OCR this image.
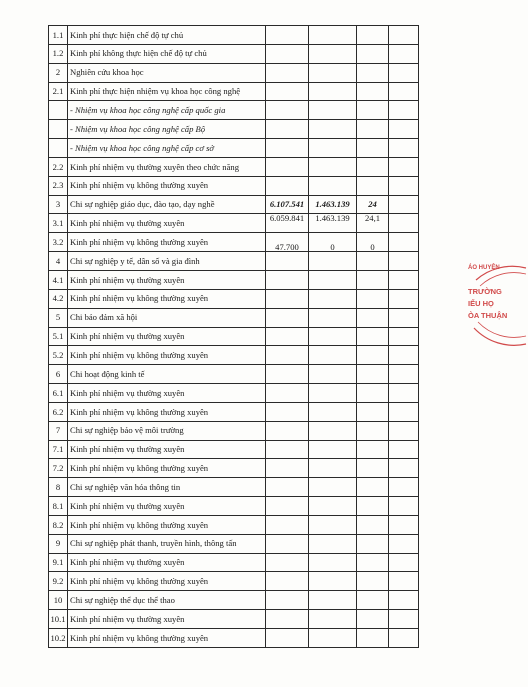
1.1	Kinh phí thực hiện chế độ tự chủ				
1.2	Kinh phí không thực hiện chế độ tự chủ				
2	Nghiên cứu khoa học				
2.1	Kinh phí thực hiện nhiệm vụ khoa học công nghệ				
	- Nhiệm vụ khoa học công nghệ cấp quốc gia				
	- Nhiệm vụ khoa học công nghệ cấp Bộ				
	- Nhiệm vụ khoa học công nghệ cấp cơ sở				
2.2	Kinh phí nhiệm vụ thường xuyên theo chức năng				
2.3	Kinh phí nhiệm vụ không thường xuyên				
3	Chi sự nghiệp giáo dục, đào tạo, dạy nghề	6.107.541	1.463.139	24	
3.1	Kinh phí nhiệm vụ thường xuyên	6.059.841	1.463.139	24,1	
3.2	Kinh phí nhiệm vụ không thường xuyên	47.700	0	0	
4	Chi sự nghiệp y tế, dân số và gia đình				
4.1	Kinh phí nhiệm vụ thường xuyên				
4.2	Kinh phí nhiệm vụ không thường xuyên				
5	Chi bảo đảm xã hội				
5.1	Kinh phí nhiệm vụ thường xuyên				
5.2	Kinh phí nhiệm vụ không thường xuyên				
6	Chi hoạt động kinh tế				
6.1	Kinh phí nhiệm vụ thường xuyên				
6.2	Kinh phí nhiệm vụ không thường xuyên				
7	Chi sự nghiệp bảo vệ môi trường				
7.1	Kinh phí nhiệm vụ thường xuyên				
7.2	Kinh phí nhiệm vụ không thường xuyên				
8	Chi sự nghiệp văn hóa thông tin				
8.1	Kinh phí nhiệm vụ thường xuyên				
8.2	Kinh phí nhiệm vụ không thường xuyên				
9	Chi sự nghiệp phát thanh, truyền hình, thông tấn				
9.1	Kinh phí nhiệm vụ thường xuyên				
9.2	Kinh phí nhiệm vụ không thường xuyên				
10	Chi sự nghiệp thể dục thể thao				
10.1	Kinh phí nhiệm vụ thường xuyên				
10.2	Kinh phí nhiệm vụ không thường xuyên				
ÁO HUYỆN
TRƯỜNG
IỂU HỌ
ÒA THUẬN
